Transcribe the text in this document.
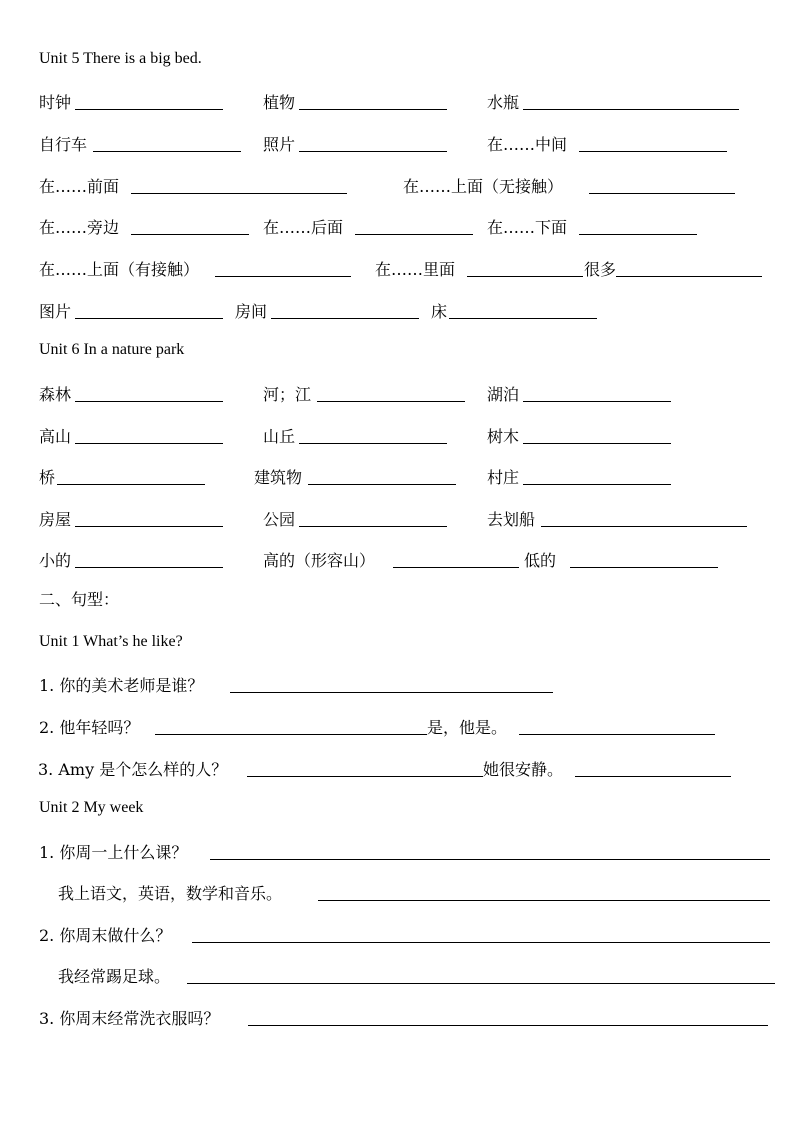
Unit 5 There is a big bed.
时钟	植物	水瓶
自行车	照片	在……中间
在……前面	在……上面（无接触）
在……旁边	在……后面	在……下面
在……上面（有接触）	在……里面	很多
图片	房间	床
Unit 6 In a nature park
森林	河；江	湖泊
高山	山丘	树木
桥	建筑物	村庄
房屋	公园	去划船
小的	高的（形容山）	低的
二、句型：
Unit 1 What’s he like?
1. 你的美术老师是谁？
2. 他年轻吗？	是，他是。
3. Amy 是个怎么样的人？	她很安静。
Unit 2 My week
1. 你周一上什么课？
我上语文，英语，数学和音乐。
2. 你周末做什么？
我经常踢足球。
3. 你周末经常洗衣服吗？
